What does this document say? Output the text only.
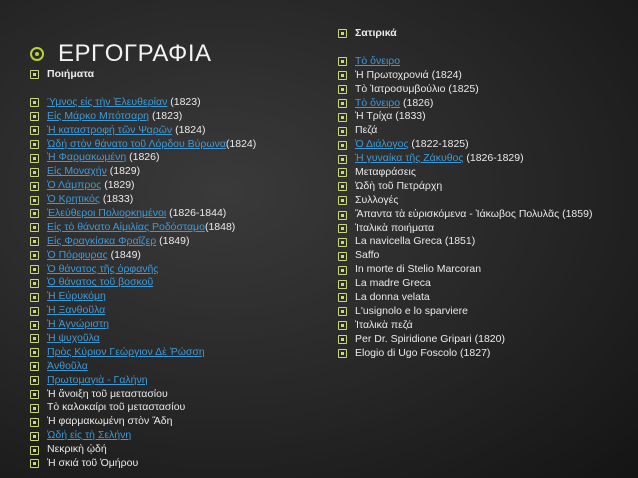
ΕΡΓΟΓΡΑΦΙΑ
Ποιήματα
Ύμνος εἰς τὴν Ἐλευθερίαν (1823)
Εἰς Μάρκο Μπότσαρη (1823)
Ἡ καταστροφή τῶν Ψαρῶν (1824)
Ὠδή στὸν θάνατο τοῦ Λόρδου Βύρωνα(1824)
Ἡ Φαρμακωμένη (1826)
Εἰς Μοναχήν (1829)
Ὁ Λάμπρος (1829)
Ὁ Κρητικός (1833)
Ἐλεύθεροι Πολιορκημένοι (1826-1844)
Εἰς τὸ θάνατο Αἰμιλίας Ροδόσταμο(1848)
Εἰς Φραγκίσκα Φραΐζερ (1849)
Ὁ Πόρφυρας (1849)
Ὁ θάνατος τῆς ὀρφανῆς
Ὁ θάνατος τοῦ βοσκοῦ
Ἡ Εὐρυκόμη
Ἡ Ξανθοῦλα
Ἡ Ἀγνώριστη
Ἡ ψυχοῦλα
Πρὸς Κύριον Γεώργιον Δὲ Ῥώσση
Ἀνθοῦλα
Πρωτομαγιὰ - Γαλήνη
Ἡ ἄνοιξη τοῦ μεταστασίου
Τὸ καλοκαίρι τοῦ μεταστασίου
Ἡ φαρμακωμένη στὸν Ἅδη
Ὠδή εἰς τὴ Σελήνη
Νεκρικὴ ᾠδή
Ἡ σκιά τοῦ Ὁμήρου
Σατιρικά
Τὸ ὄνειρο
Ἡ Πρωτοχρονιά (1824)
Τὸ Ἰατροσυμβούλιο (1825)
Τὸ ὄνειρο (1826)
Ἡ Τρίχα (1833)
Πεζά
Ὁ Διάλογος (1822-1825)
Ἡ γυναίκα τῆς Ζάκυθος (1826-1829)
Μεταφράσεις
Ὠδὴ τοῦ Πετράρχη
Συλλογές
Ἅπαντα τὰ εὑρισκόμενα - Ἰάκωβος Πολυλᾶς (1859)
Ἰταλικὰ ποιήματα
La navicella Greca (1851)
Saffo
In morte di Stelio Marcoran
La madre Greca
La donna velata
L'usignolo e lo sparviere
Ἰταλικὰ πεζά
Per Dr. Spiridione Gripari (1820)
Elogio di Ugo Foscolo (1827)
